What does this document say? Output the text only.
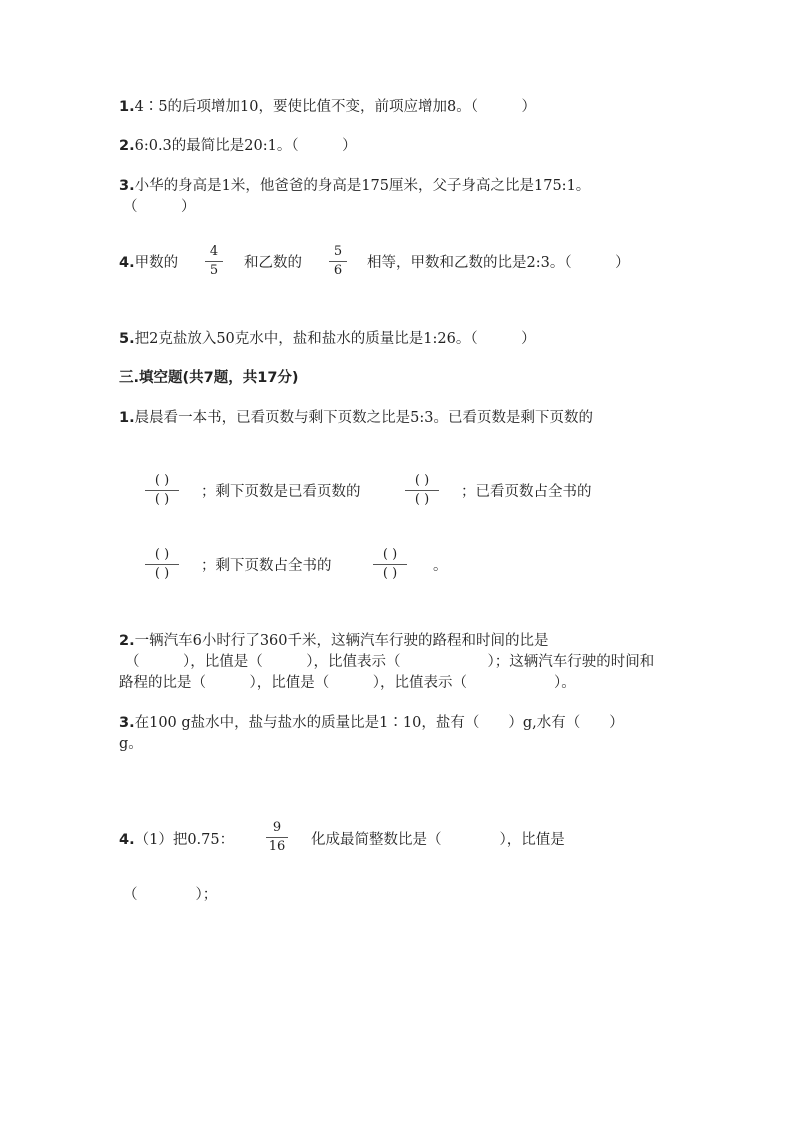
1.4∶5的后项增加10，要使比值不变，前项应增加8。（　　　）
2.6:0.3的最简比是20:1。（　　　）
3.小华的身高是1米，他爸爸的身高是175厘米，父子身高之比是175:1。
（　　　）
4.甲数的
4
5 和乙数的
5
6 相等，甲数和乙数的比是2:3。（　　　）
5.把2克盐放入50克水中，盐和盐水的质量比是1:26。（　　　）
三.填空题(共7题，共17分)
1.晨晨看一本书，已看页数与剩下页数之比是5:3。已看页数是剩下页数的
( )
( ) ；剩下页数是已看页数的
( )
( ) ；已看页数占全书的
( )
( ) ；剩下页数占全书的
( )
( ) 。
2.一辆汽车6小时行了360千米，这辆汽车行驶的路程和时间的比是
（　　　），比值是（　　　），比值表示（　　　　　　）；这辆汽车行驶的时间和
路程的比是（　　　），比值是（　　　），比值表示（　　　　　　）。
3.在100 g盐水中，盐与盐水的质量比是1∶10，盐有（　　）g,水有（　　）
g。
4.（1）把0.75：
9
16 化成最简整数比是（　　　　），比值是
（　　　　）；
